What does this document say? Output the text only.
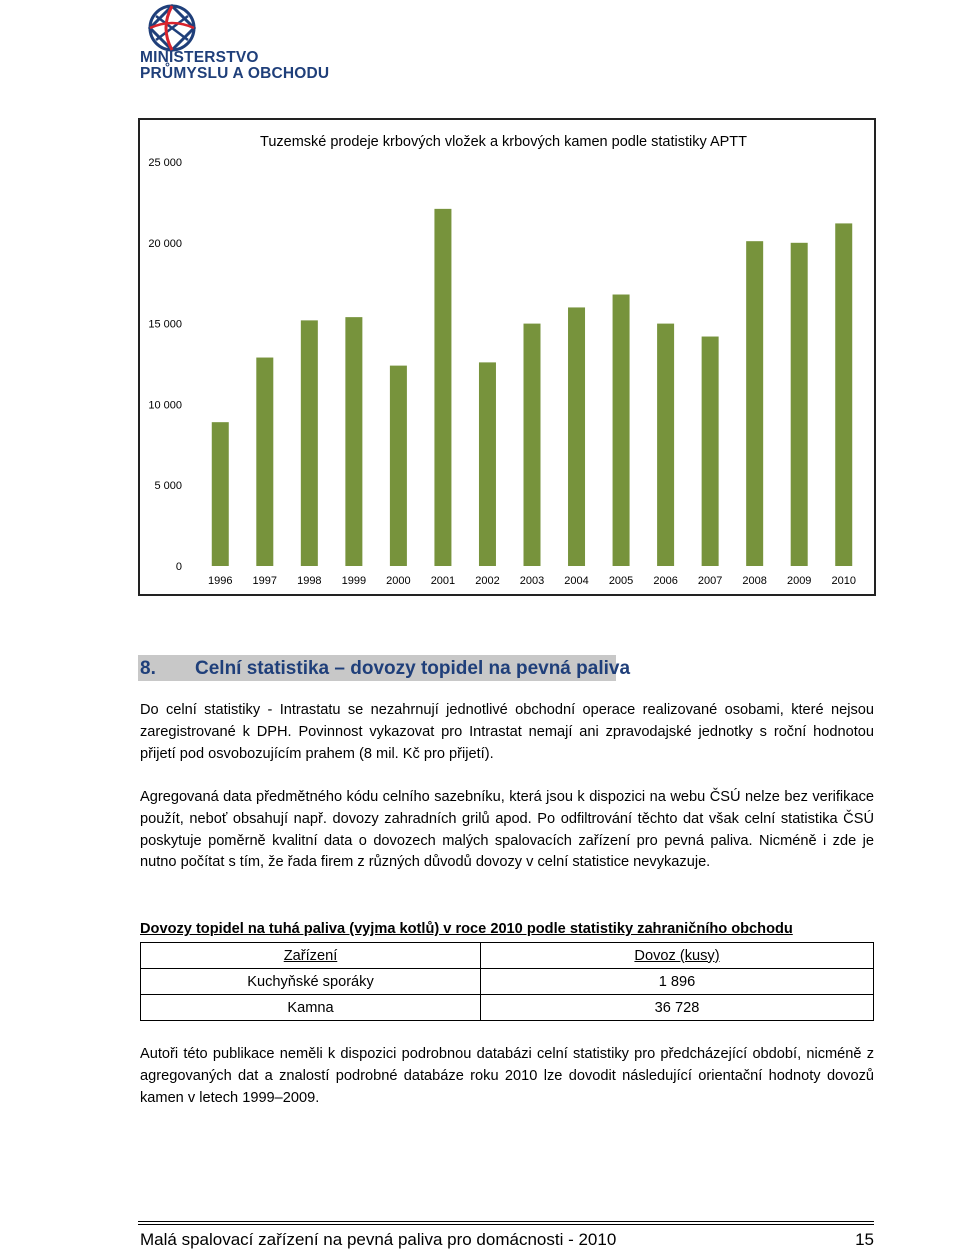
MINISTERSTVO
PRŮMYSLU A OBCHODU
Tuzemské prodeje krbových vložek a krbových kamen podle statistiky APTT
0
5 000
10 000
15 000
20 000
25 000
1996 1997 1998 1999 2000 2001 2002 2003 2004 2005 2006 2007 2008 2009 2010
8. Celní statistika – dovozy topidel na pevná paliva
Do celní statistiky - Intrastatu se nezahrnují jednotlivé obchodní operace realizované osobami, které nejsou zaregistrované k DPH. Povinnost vykazovat pro Intrastat nemají ani zpravodajské jednotky s roční hodnotou přijetí pod osvobozujícím prahem (8 mil. Kč pro přijetí).
Agregovaná data předmětného kódu celního sazebníku, která jsou k dispozici na webu ČSÚ nelze bez verifikace použít, neboť obsahují např. dovozy zahradních grilů apod. Po odfiltrování těchto dat však celní statistika ČSÚ poskytuje poměrně kvalitní data o dovozech malých spalovacích zařízení pro pevná paliva. Nicméně i zde je nutno počítat s tím, že řada firem z různých důvodů dovozy v celní statistice nevykazuje.
Dovozy topidel na tuhá paliva (vyjma kotlů) v roce 2010 podle statistiky zahraničního obchodu
Zařízení	Dovoz (kusy)
Kuchyňské sporáky	1 896
Kamna	36 728
Autoři této publikace neměli k dispozici podrobnou databázi celní statistiky pro předcházející období, nicméně z agregovaných dat a znalostí podrobné databáze roku 2010 lze dovodit následující orientační hodnoty dovozů kamen v letech 1999–2009.
Malá spalovací zařízení na pevná paliva pro domácnosti - 2010	15
